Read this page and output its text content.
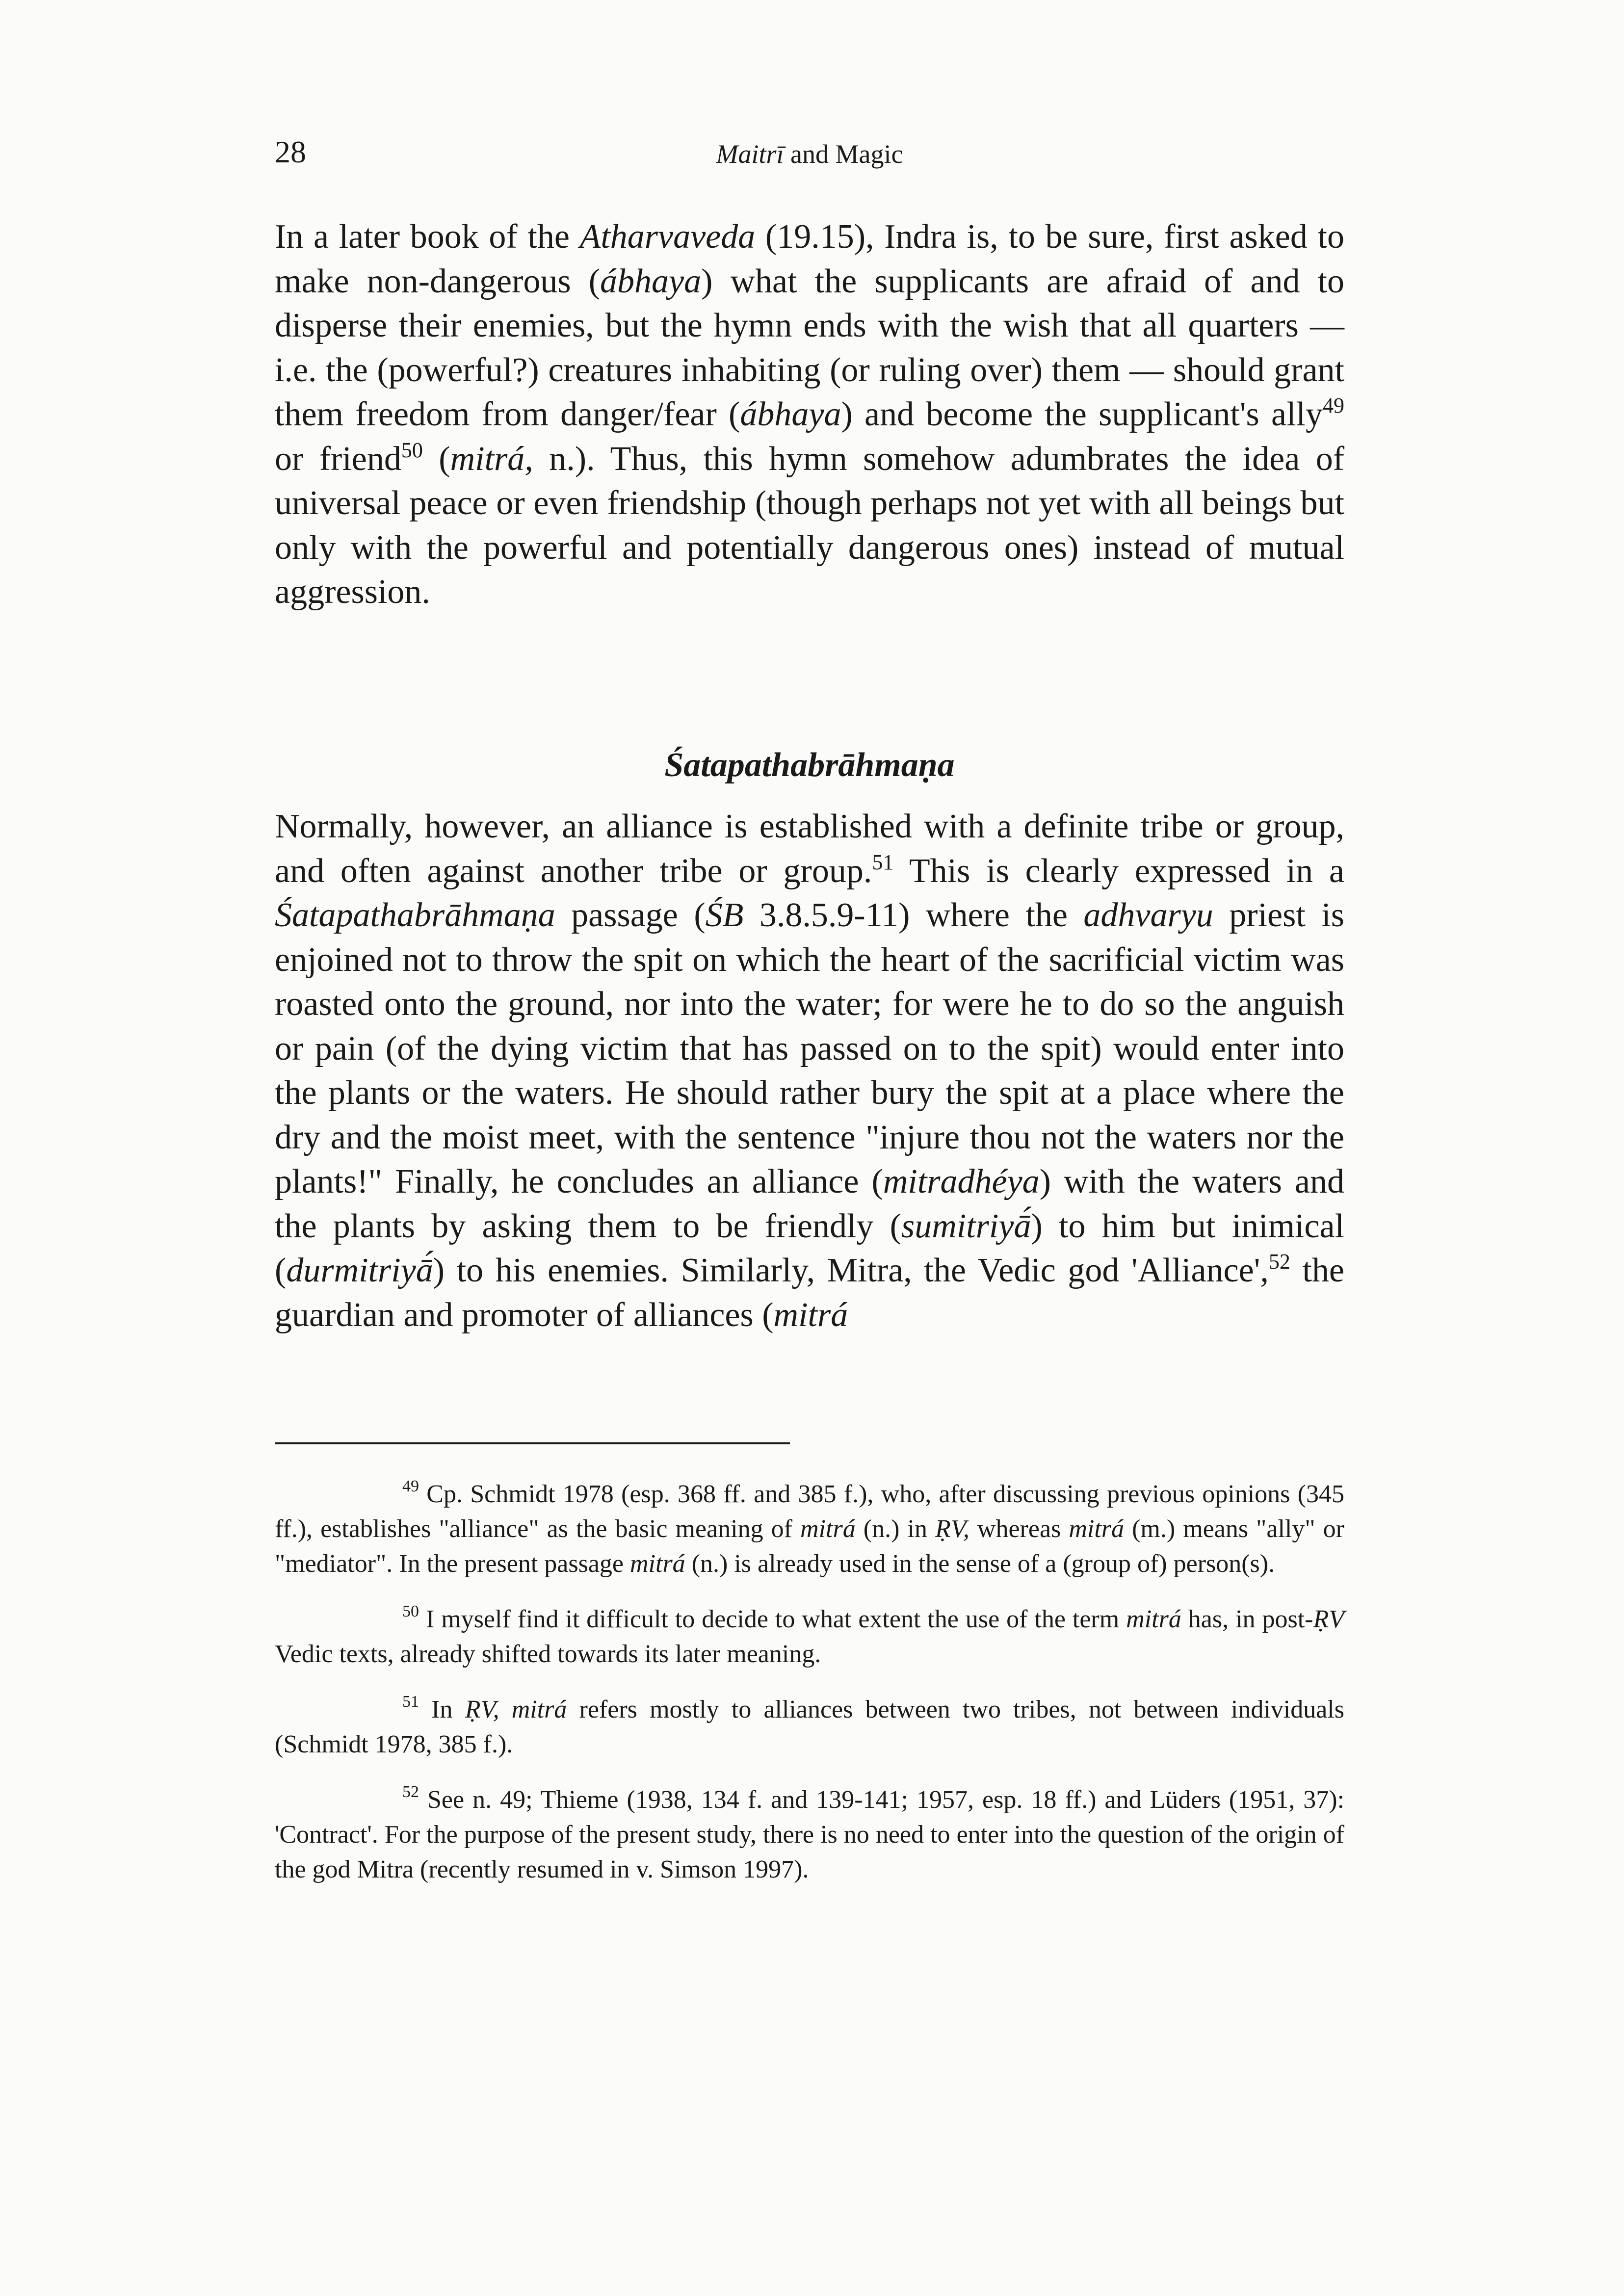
28	Maitrī and Magic

In a later book of the Atharvaveda (19.15), Indra is, to be sure, first asked to make non-dangerous (ábhaya) what the supplicants are afraid of and to disperse their enemies, but the hymn ends with the wish that all quarters — i.e. the (powerful?) creatures inhabiting (or ruling over) them — should grant them freedom from danger/fear (ábhaya) and become the supplicant's ally$^{49}$ or friend$^{50}$ (mitrá, n.). Thus, this hymn somehow adumbrates the idea of universal peace or even friendship (though perhaps not yet with all beings but only with the powerful and potentially dangerous ones) instead of mutual aggression.

Śatapathabrāhmaṇa

Normally, however, an alliance is established with a definite tribe or group, and often against another tribe or group.$^{51}$ This is clearly expressed in a Śatapathabrāhmaṇa passage (ŚB 3.8.5.9-11) where the adhvaryu priest is enjoined not to throw the spit on which the heart of the sacrificial victim was roasted onto the ground, nor into the water; for were he to do so the anguish or pain (of the dying victim that has passed on to the spit) would enter into the plants or the waters. He should rather bury the spit at a place where the dry and the moist meet, with the sentence "injure thou not the waters nor the plants!" Finally, he concludes an alliance (mitradhéya) with the waters and the plants by asking them to be friendly (sumitriyā́) to him but inimical (durmitriyā́) to his enemies. Similarly, Mitra, the Vedic god 'Alliance',$^{52}$ the guardian and promoter of alliances (mitrá

$^{49}$ Cp. Schmidt 1978 (esp. 368 ff. and 385 f.), who, after discussing previous opinions (345 ff.), establishes "alliance" as the basic meaning of mitrá (n.) in ṚV, whereas mitrá (m.) means "ally" or "mediator". In the present passage mitrá (n.) is already used in the sense of a (group of) person(s).

$^{50}$ I myself find it difficult to decide to what extent the use of the term mitrá has, in post-ṚV Vedic texts, already shifted towards its later meaning.

$^{51}$ In ṚV, mitrá refers mostly to alliances between two tribes, not between individuals (Schmidt 1978, 385 f.).

$^{52}$ See n. 49; Thieme (1938, 134 f. and 139-141; 1957, esp. 18 ff.) and Lüders (1951, 37): 'Contract'. For the purpose of the present study, there is no need to enter into the question of the origin of the god Mitra (recently resumed in v. Simson 1997).
